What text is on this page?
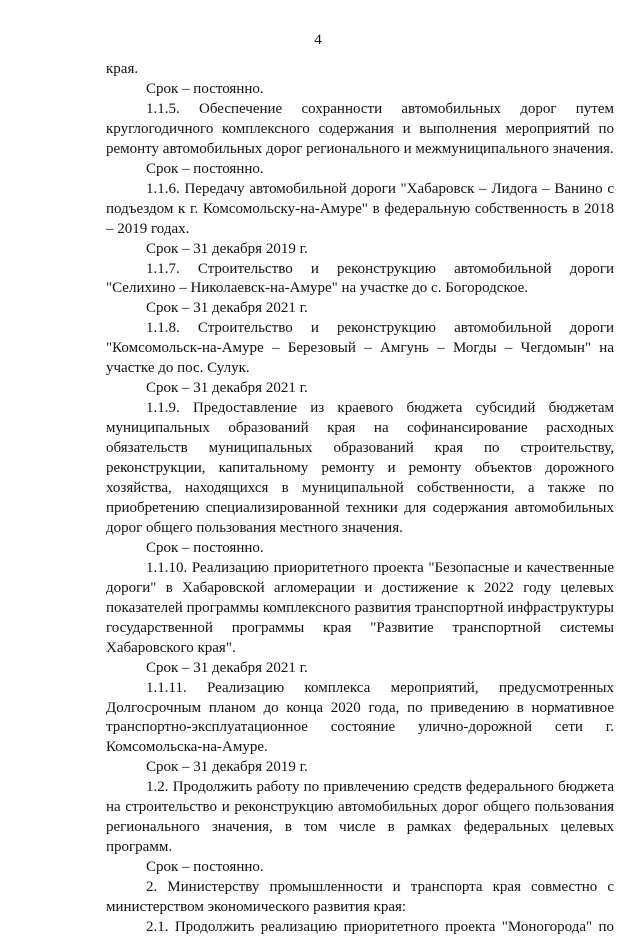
4

края.

Срок – постоянно.

1.1.5. Обеспечение сохранности автомобильных дорог путем круглогодичного комплексного содержания и выполнения мероприятий по ремонту автомобильных дорог регионального и межмуниципального значения.

Срок – постоянно.

1.1.6. Передачу автомобильной дороги "Хабаровск – Лидога – Ванино с подъездом к г. Комсомольску-на-Амуре" в федеральную собственность в 2018 – 2019 годах.

Срок – 31 декабря 2019 г.

1.1.7. Строительство и реконструкцию автомобильной дороги "Селихино – Николаевск-на-Амуре" на участке до с. Богородское.

Срок – 31 декабря 2021 г.

1.1.8. Строительство и реконструкцию автомобильной дороги "Комсомольск-на-Амуре – Березовый – Амгунь – Могды – Чегдомын" на участке до пос. Сулук.

Срок – 31 декабря 2021 г.

1.1.9. Предоставление из краевого бюджета субсидий бюджетам муниципальных образований края на софинансирование расходных обязательств муниципальных образований края по строительству, реконструкции, капитальному ремонту и ремонту объектов дорожного хозяйства, находящихся в муниципальной собственности, а также по приобретению специализированной техники для содержания автомобильных дорог общего пользования местного значения.

Срок – постоянно.

1.1.10. Реализацию приоритетного проекта "Безопасные и качественные дороги" в Хабаровской агломерации и достижение к 2022 году целевых показателей программы комплексного развития транспортной инфраструктуры государственной программы края "Развитие транспортной системы Хабаровского края".

Срок – 31 декабря 2021 г.

1.1.11. Реализацию комплекса мероприятий, предусмотренных Долгосрочным планом до конца 2020 года, по приведению в нормативное транспортно-эксплуатационное состояние улично-дорожной сети г. Комсомольска-на-Амуре.

Срок – 31 декабря 2019 г.

1.2. Продолжить работу по привлечению средств федерального бюджета на строительство и реконструкцию автомобильных дорог общего пользования регионального значения, в том числе в рамках федеральных целевых программ.

Срок – постоянно.

2. Министерству промышленности и транспорта края совместно с министерством экономического развития края:

2.1. Продолжить реализацию приоритетного проекта "Моногорода" по
